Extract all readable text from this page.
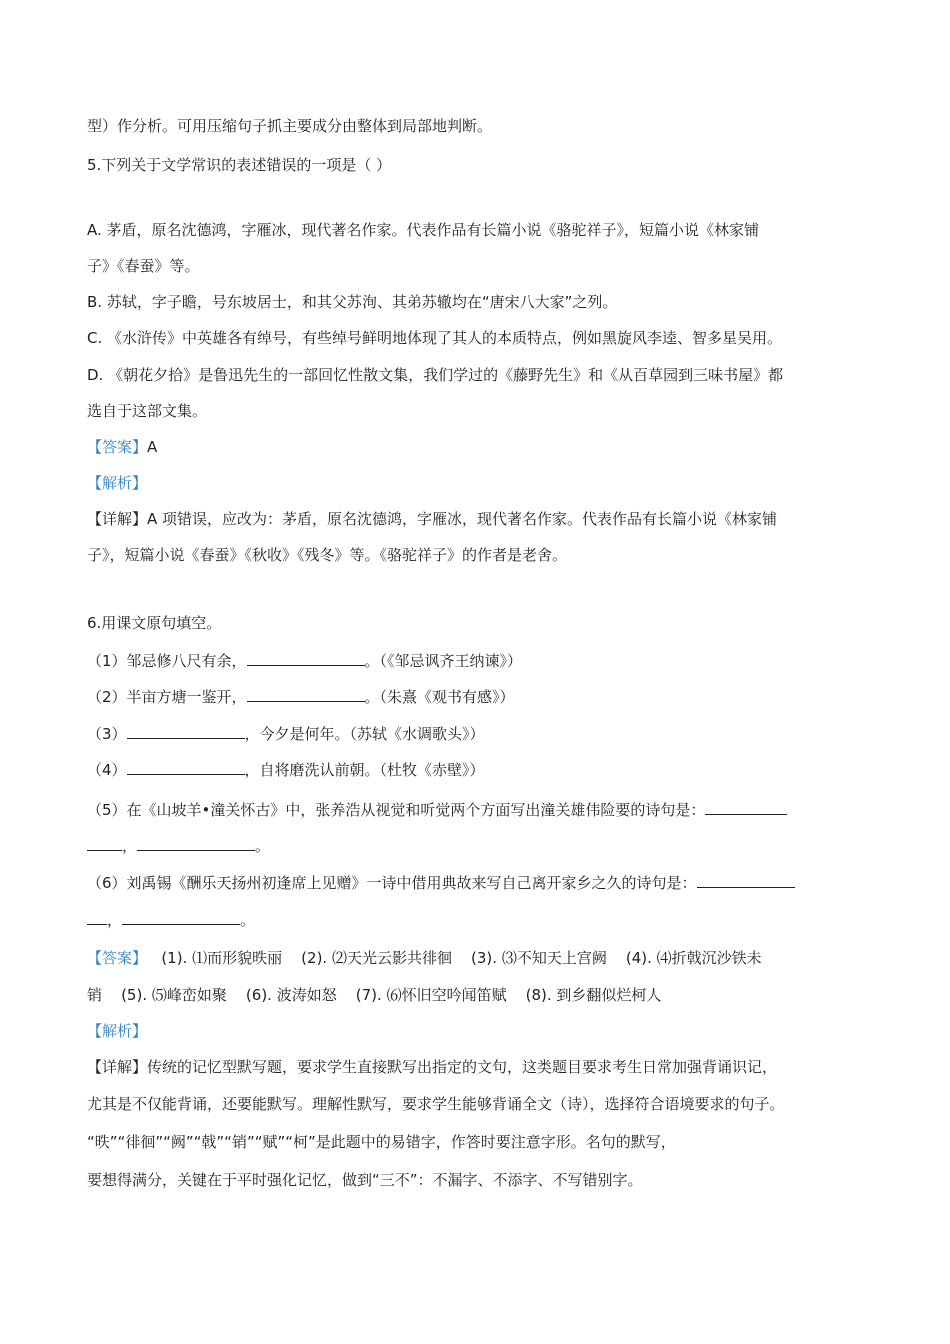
型）作分析。可用压缩句子抓主要成分由整体到局部地判断。
5.下列关于文学常识的表述错误的一项是（ ）
A. 茅盾，原名沈德鸿，字雁冰，现代著名作家。代表作品有长篇小说《骆驼祥子》，短篇小说《林家铺
子》《春蚕》等。
B. 苏轼，字子瞻，号东坡居士，和其父苏洵、其弟苏辙均在“唐宋八大家”之列。
C. 《水浒传》中英雄各有绰号，有些绰号鲜明地体现了其人的本质特点，例如黑旋风李逵、智多星吴用。
D. 《朝花夕拾》是鲁迅先生的一部回忆性散文集，我们学过的《藤野先生》和《从百草园到三味书屋》都
选自于这部文集。
【答案】A
【解析】
【详解】A 项错误，应改为：茅盾，原名沈德鸿，字雁冰，现代著名作家。代表作品有长篇小说《林家铺
子》，短篇小说《春蚕》《秋收》《残冬》等。《骆驼祥子》的作者是老舍。
6.用课文原句填空。
（1）邹忌修八尺有余，	。（《邹忌讽齐王纳谏》）
（2）半亩方塘一鉴开，	。（朱熹《观书有感》）
（3）	，今夕是何年。（苏轼《水调歌头》）
（4）	，自将磨洗认前朝。（杜牧《赤壁》）
（5）在《山坡羊•潼关怀古》中，张养浩从视觉和听觉两个方面写出潼关雄伟险要的诗句是：
，	。
（6）刘禹锡《酬乐天扬州初逢席上见赠》一诗中借用典故来写自己离开家乡之久的诗句是：
，	。
【答案】   (1). ⑴而形貌昳丽    (2). ⑵天光云影共徘徊    (3). ⑶不知天上宫阙    (4). ⑷折戟沉沙铁未
销    (5). ⑸峰峦如聚    (6). 波涛如怒    (7). ⑹怀旧空吟闻笛赋    (8). 到乡翻似烂柯人
【解析】
【详解】传统的记忆型默写题，要求学生直接默写出指定的文句，这类题目要求考生日常加强背诵识记，
尤其是不仅能背诵，还要能默写。理解性默写，要求学生能够背诵全文（诗），选择符合语境要求的句子。
“昳”“徘徊”“阙”“戟”“销”“赋”“柯”是此题中的易错字，作答时要注意字形。名句的默写，
要想得满分，关键在于平时强化记忆，做到“三不”：不漏字、不添字、不写错别字。
